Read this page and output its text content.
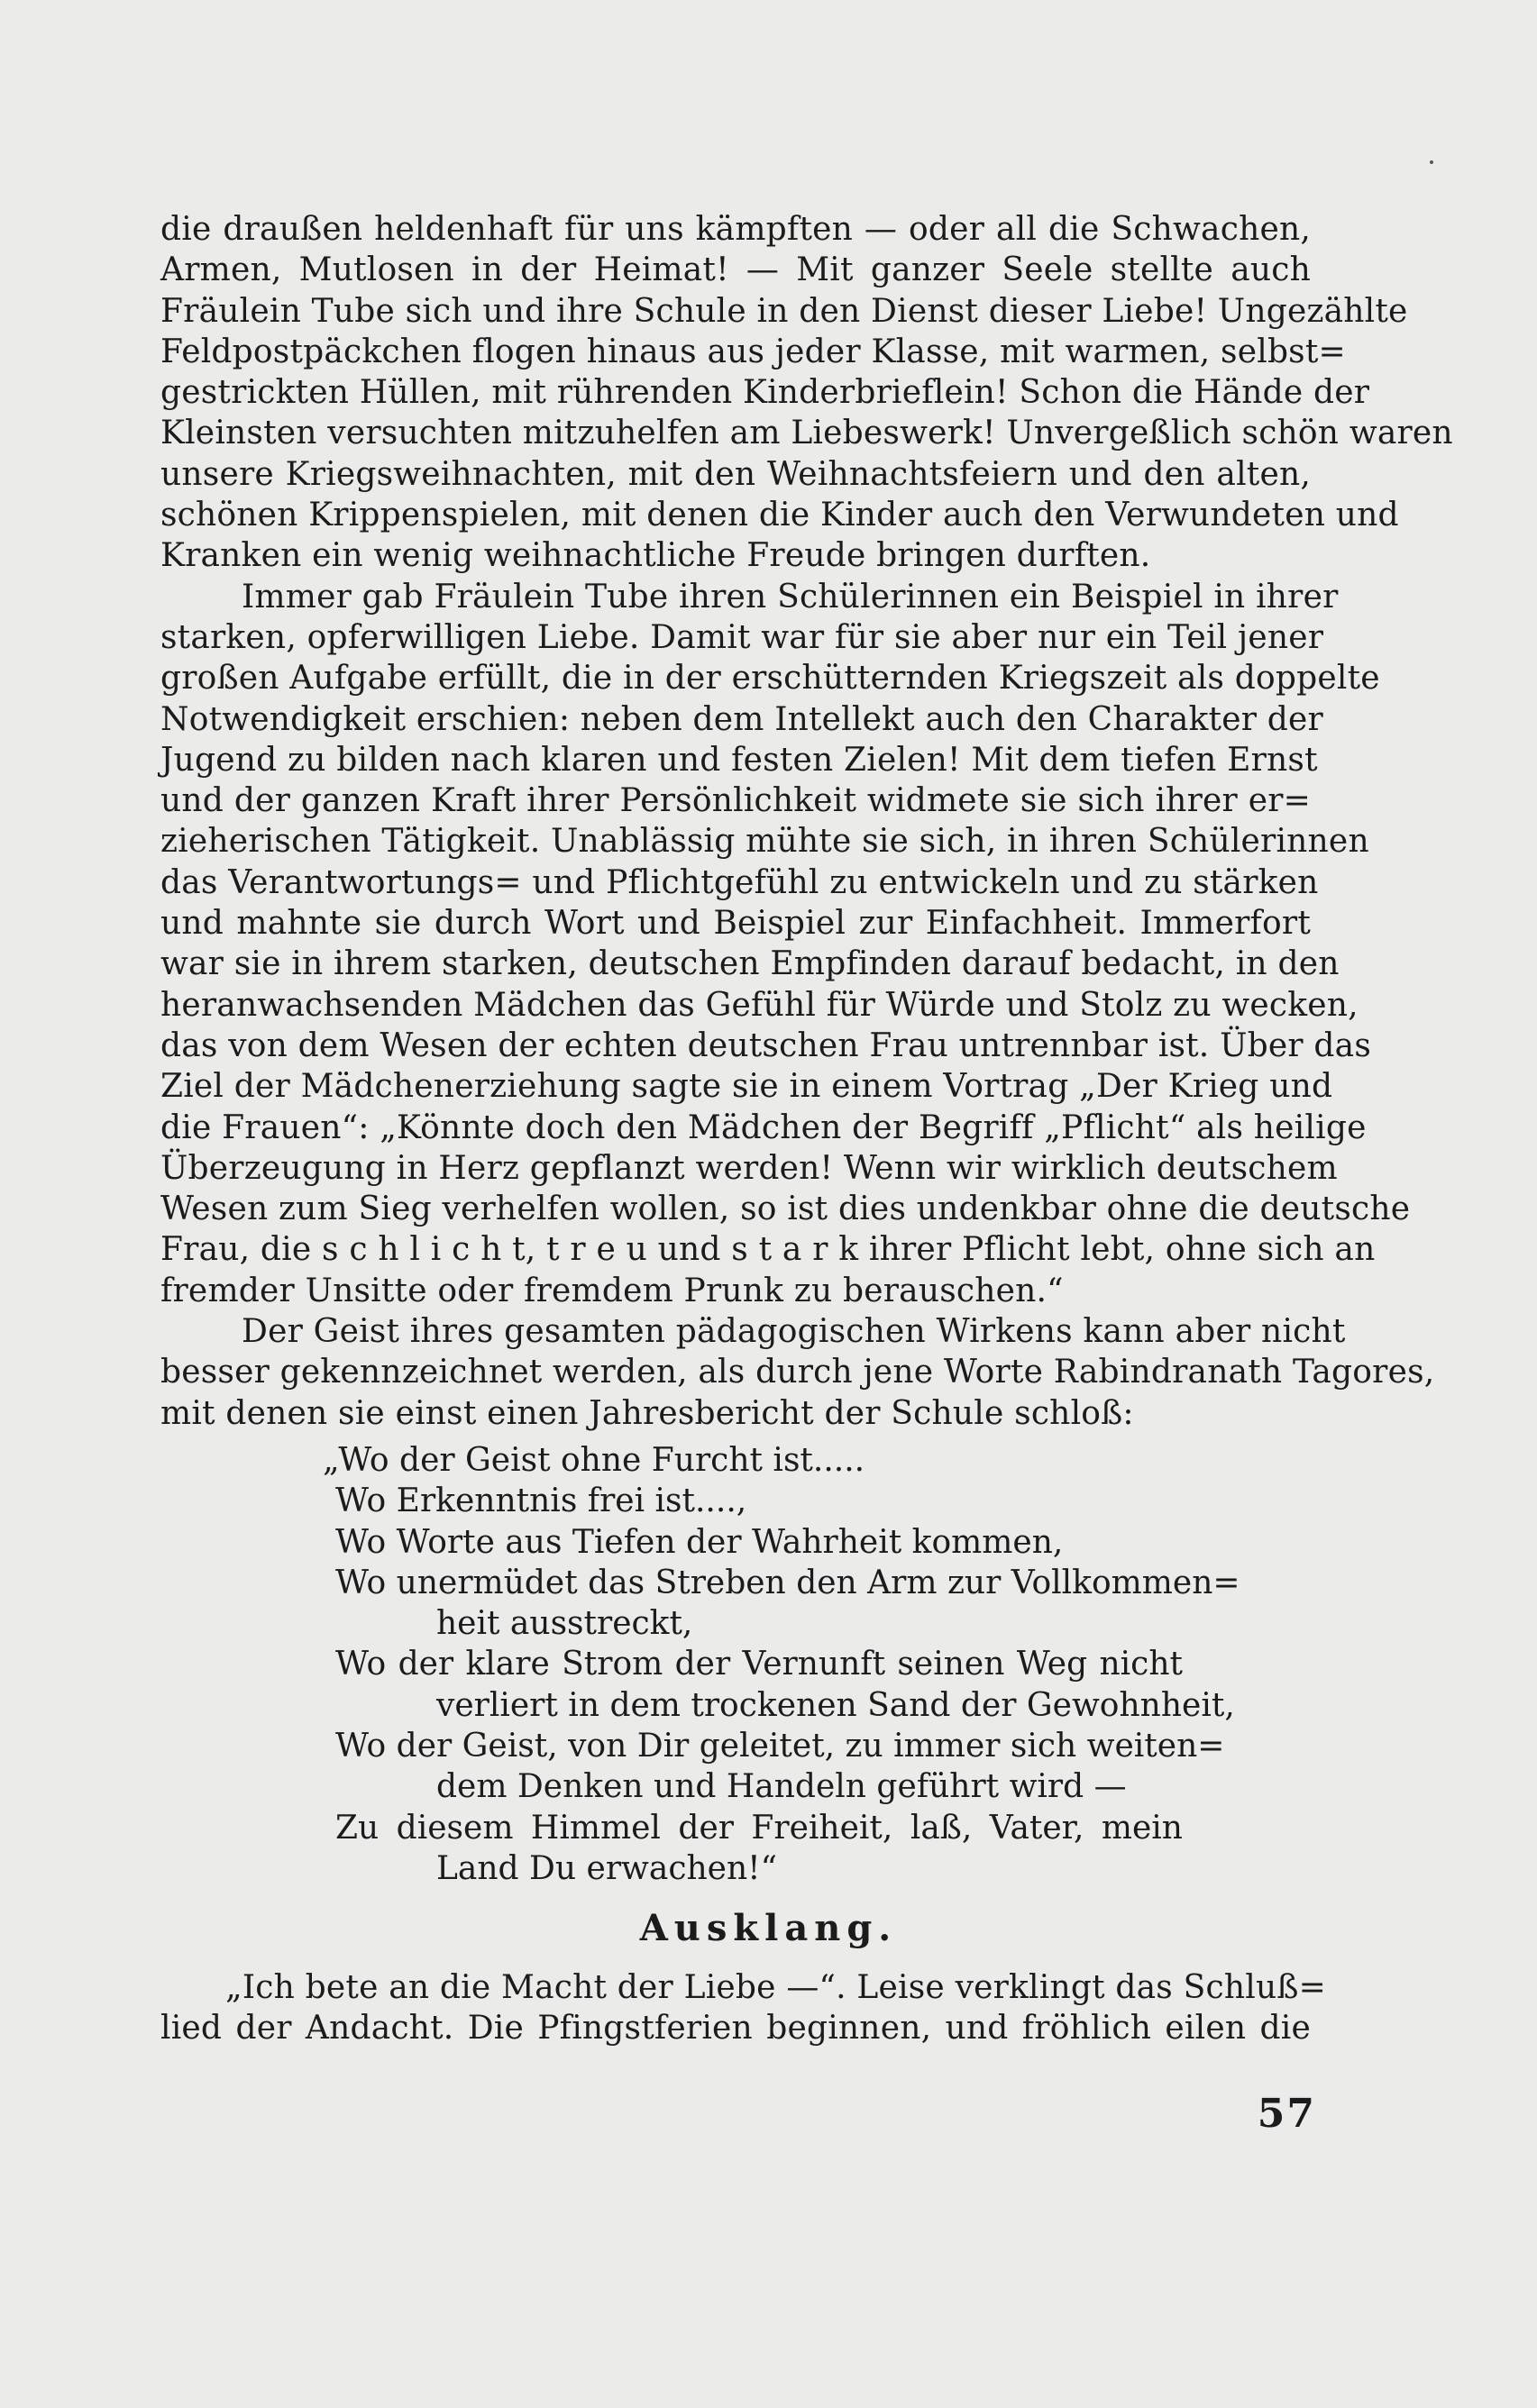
die draußen heldenhaft für uns kämpften — oder all die Schwachen,
Armen, Mutlosen in der Heimat! — Mit ganzer Seele stellte auch
Fräulein Tube sich und ihre Schule in den Dienst dieser Liebe! Ungezählte
Feldpostpäckchen flogen hinaus aus jeder Klasse, mit warmen, selbst=
gestrickten Hüllen, mit rührenden Kinderbrieflein! Schon die Hände der
Kleinsten versuchten mitzuhelfen am Liebeswerk! Unvergeßlich schön waren
unsere Kriegsweihnachten, mit den Weihnachtsfeiern und den alten,
schönen Krippenspielen, mit denen die Kinder auch den Verwundeten und
Kranken ein wenig weihnachtliche Freude bringen durften.
Immer gab Fräulein Tube ihren Schülerinnen ein Beispiel in ihrer
starken, opferwilligen Liebe. Damit war für sie aber nur ein Teil jener
großen Aufgabe erfüllt, die in der erschütternden Kriegszeit als doppelte
Notwendigkeit erschien: neben dem Intellekt auch den Charakter der
Jugend zu bilden nach klaren und festen Zielen! Mit dem tiefen Ernst
und der ganzen Kraft ihrer Persönlichkeit widmete sie sich ihrer er=
zieherischen Tätigkeit. Unablässig mühte sie sich, in ihren Schülerinnen
das Verantwortungs= und Pflichtgefühl zu entwickeln und zu stärken
und mahnte sie durch Wort und Beispiel zur Einfachheit. Immerfort
war sie in ihrem starken, deutschen Empfinden darauf bedacht, in den
heranwachsenden Mädchen das Gefühl für Würde und Stolz zu wecken,
das von dem Wesen der echten deutschen Frau untrennbar ist. Über das
Ziel der Mädchenerziehung sagte sie in einem Vortrag „Der Krieg und
die Frauen“: „Könnte doch den Mädchen der Begriff „Pflicht“ als heilige
Überzeugung in Herz gepflanzt werden! Wenn wir wirklich deutschem
Wesen zum Sieg verhelfen wollen, so ist dies undenkbar ohne die deutsche
Frau, die s c h l i c h t, t r e u und s t a r k ihrer Pflicht lebt, ohne sich an
fremder Unsitte oder fremdem Prunk zu berauschen.“
Der Geist ihres gesamten pädagogischen Wirkens kann aber nicht
besser gekennzeichnet werden, als durch jene Worte Rabindranath Tagores,
mit denen sie einst einen Jahresbericht der Schule schloß:
„Wo der Geist ohne Furcht ist.....
Wo Erkenntnis frei ist....,
Wo Worte aus Tiefen der Wahrheit kommen,
Wo unermüdet das Streben den Arm zur Vollkommen=
heit ausstreckt,
Wo der klare Strom der Vernunft seinen Weg nicht
verliert in dem trockenen Sand der Gewohnheit,
Wo der Geist, von Dir geleitet, zu immer sich weiten=
dem Denken und Handeln geführt wird —
Zu diesem Himmel der Freiheit, laß, Vater, mein
Land Du erwachen!“
Ausklang.
„Ich bete an die Macht der Liebe —“. Leise verklingt das Schluß=
lied der Andacht. Die Pfingstferien beginnen, und fröhlich eilen die
57
